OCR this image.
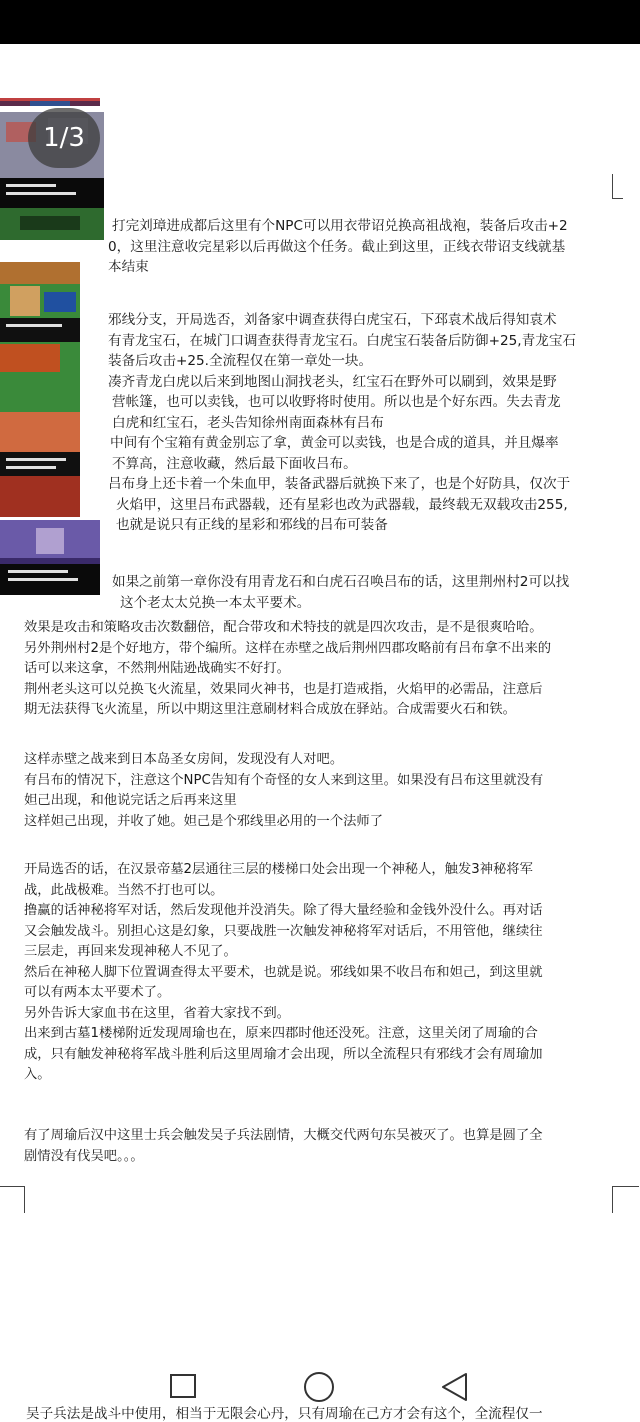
1/3
打完刘璋进成都后这里有个NPC可以用衣带诏兑换高祖战袍，装备后攻击+2
0，这里注意收完星彩以后再做这个任务。截止到这里，正线衣带诏支线就基
本结束
邪线分支，开局选否，刘备家中调查获得白虎宝石，下邳袁术战后得知袁术
有青龙宝石，在城门口调查获得青龙宝石。白虎宝石装备后防御+25,青龙宝石
装备后攻击+25.全流程仅在第一章处一块。
凑齐青龙白虎以后来到地图山洞找老头，红宝石在野外可以刷到，效果是野
营帐篷，也可以卖钱，也可以收野将时使用。所以也是个好东西。失去青龙
白虎和红宝石，老头告知徐州南面森林有吕布
中间有个宝箱有黄金别忘了拿，黄金可以卖钱，也是合成的道具，并且爆率
不算高，注意收藏，然后最下面收吕布。
吕布身上还卡着一个朱血甲，装备武器后就换下来了，也是个好防具，仅次于
火焰甲，这里吕布武器载，还有星彩也改为武器载，最终载无双载攻击255,
也就是说只有正线的星彩和邪线的吕布可装备
如果之前第一章你没有用青龙石和白虎石召唤吕布的话，这里荆州村2可以找
这个老太太兑换一本太平要术。
效果是攻击和策略攻击次数翻倍，配合带攻和术特技的就是四次攻击，是不是很爽哈哈。
另外荆州村2是个好地方，带个编所。这样在赤壁之战后荆州四郡攻略前有吕布拿不出来的
话可以来这拿，不然荆州陆逊战确实不好打。
荆州老头这可以兑换飞火流星，效果同火神书，也是打造戒指，火焰甲的必需品，注意后
期无法获得飞火流星，所以中期这里注意刷材料合成放在驿站。合成需要火石和铁。
这样赤壁之战来到日本岛圣女房间，发现没有人对吧。
有吕布的情况下，注意这个NPC告知有个奇怪的女人来到这里。如果没有吕布这里就没有
妲己出现，和他说完话之后再来这里
这样妲己出现，并收了她。妲己是个邪线里必用的一个法师了
开局选否的话，在汉景帝墓2层通往三层的楼梯口处会出现一个神秘人，触发3神秘将军
战，此战极难。当然不打也可以。
撸赢的话神秘将军对话，然后发现他并没消失。除了得大量经验和金钱外没什么。再对话
又会触发战斗。别担心这是幻象，只要战胜一次触发神秘将军对话后，不用管他，继续往
三层走，再回来发现神秘人不见了。
然后在神秘人脚下位置调查得太平要术，也就是说。邪线如果不收吕布和妲己，到这里就
可以有两本太平要术了。
另外告诉大家血书在这里，省着大家找不到。
出来到古墓1楼梯附近发现周瑜也在，原来四郡时他还没死。注意，这里关闭了周瑜的合
成，只有触发神秘将军战斗胜利后这里周瑜才会出现，所以全流程只有邪线才会有周瑜加
入。
有了周瑜后汉中这里士兵会触发吴子兵法剧情，大概交代两句东吴被灭了。也算是圆了全
剧情没有伐吴吧。。。
吴子兵法是战斗中使用，相当于无限会心丹，只有周瑜在己方才会有这个，全流程仅一
